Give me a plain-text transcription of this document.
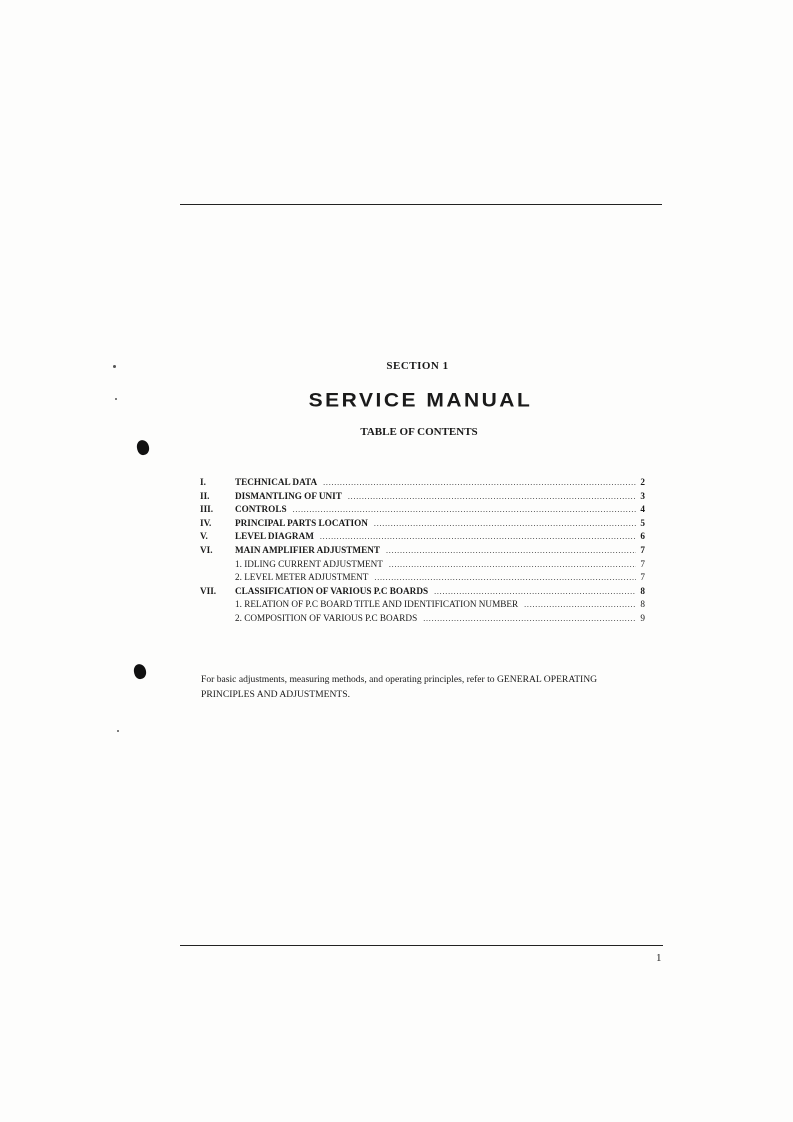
SECTION 1
SERVICE MANUAL
TABLE OF CONTENTS
I.	TECHNICAL DATA . . .	2
II.	DISMANTLING OF UNIT . . .	3
III.	CONTROLS . . .	4
IV.	PRINCIPAL PARTS LOCATION . . .	5
V.	LEVEL DIAGRAM . . .	6
VI.	MAIN AMPLIFIER ADJUSTMENT . . .	7
1. IDLING CURRENT ADJUSTMENT . . .	7
2. LEVEL METER ADJUSTMENT . . .	7
VII.	CLASSIFICATION OF VARIOUS P.C BOARDS . . .	8
1. RELATION OF P.C BOARD TITLE AND IDENTIFICATION NUMBER . . .	8
2. COMPOSITION OF VARIOUS P.C BOARDS . . .	9
For basic adjustments, measuring methods, and operating principles, refer to GENERAL OPERATING PRINCIPLES AND ADJUSTMENTS.
1
